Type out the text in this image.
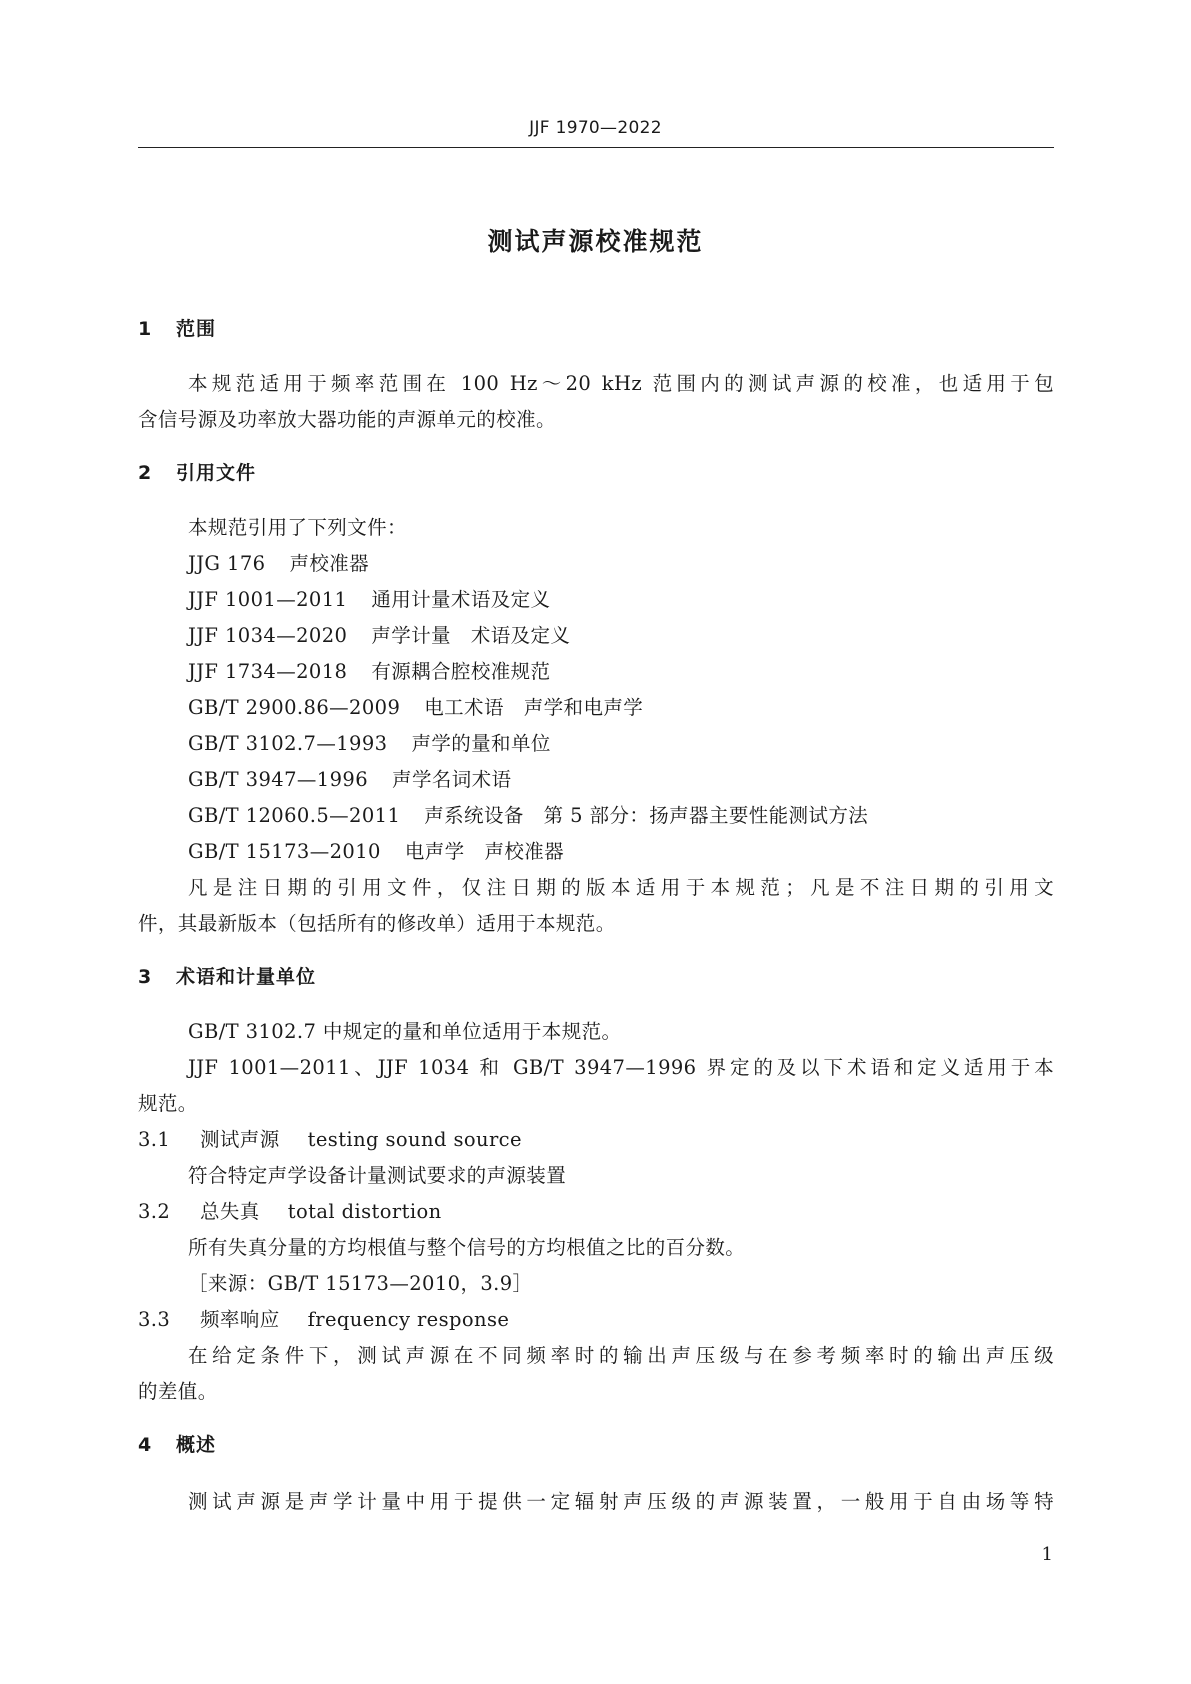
JJF 1970—2022
测试声源校准规范
1 范围
本规范适用于频率范围在 100 Hz～20 kHz 范围内的测试声源的校准，也适用于包
含信号源及功率放大器功能的声源单元的校准。
2 引用文件
本规范引用了下列文件：
JJG 176 声校准器
JJF 1001—2011 通用计量术语及定义
JJF 1034—2020 声学计量　术语及定义
JJF 1734—2018 有源耦合腔校准规范
GB/T 2900.86—2009 电工术语　声学和电声学
GB/T 3102.7—1993 声学的量和单位
GB/T 3947—1996 声学名词术语
GB/T 12060.5—2011 声系统设备　第 5 部分：扬声器主要性能测试方法
GB/T 15173—2010 电声学　声校准器
凡是注日期的引用文件，仅注日期的版本适用于本规范；凡是不注日期的引用文
件，其最新版本（包括所有的修改单）适用于本规范。
3 术语和计量单位
GB/T 3102.7 中规定的量和单位适用于本规范。
JJF 1001—2011、JJF 1034 和 GB/T 3947—1996 界定的及以下术语和定义适用于本
规范。
3.1 测试声源 testing sound source
符合特定声学设备计量测试要求的声源装置
3.2 总失真 total distortion
所有失真分量的方均根值与整个信号的方均根值之比的百分数。
［来源：GB/T 15173—2010，3.9］
3.3 频率响应 frequency response
在给定条件下，测试声源在不同频率时的输出声压级与在参考频率时的输出声压级
的差值。
4 概述
测试声源是声学计量中用于提供一定辐射声压级的声源装置，一般用于自由场等特
1
